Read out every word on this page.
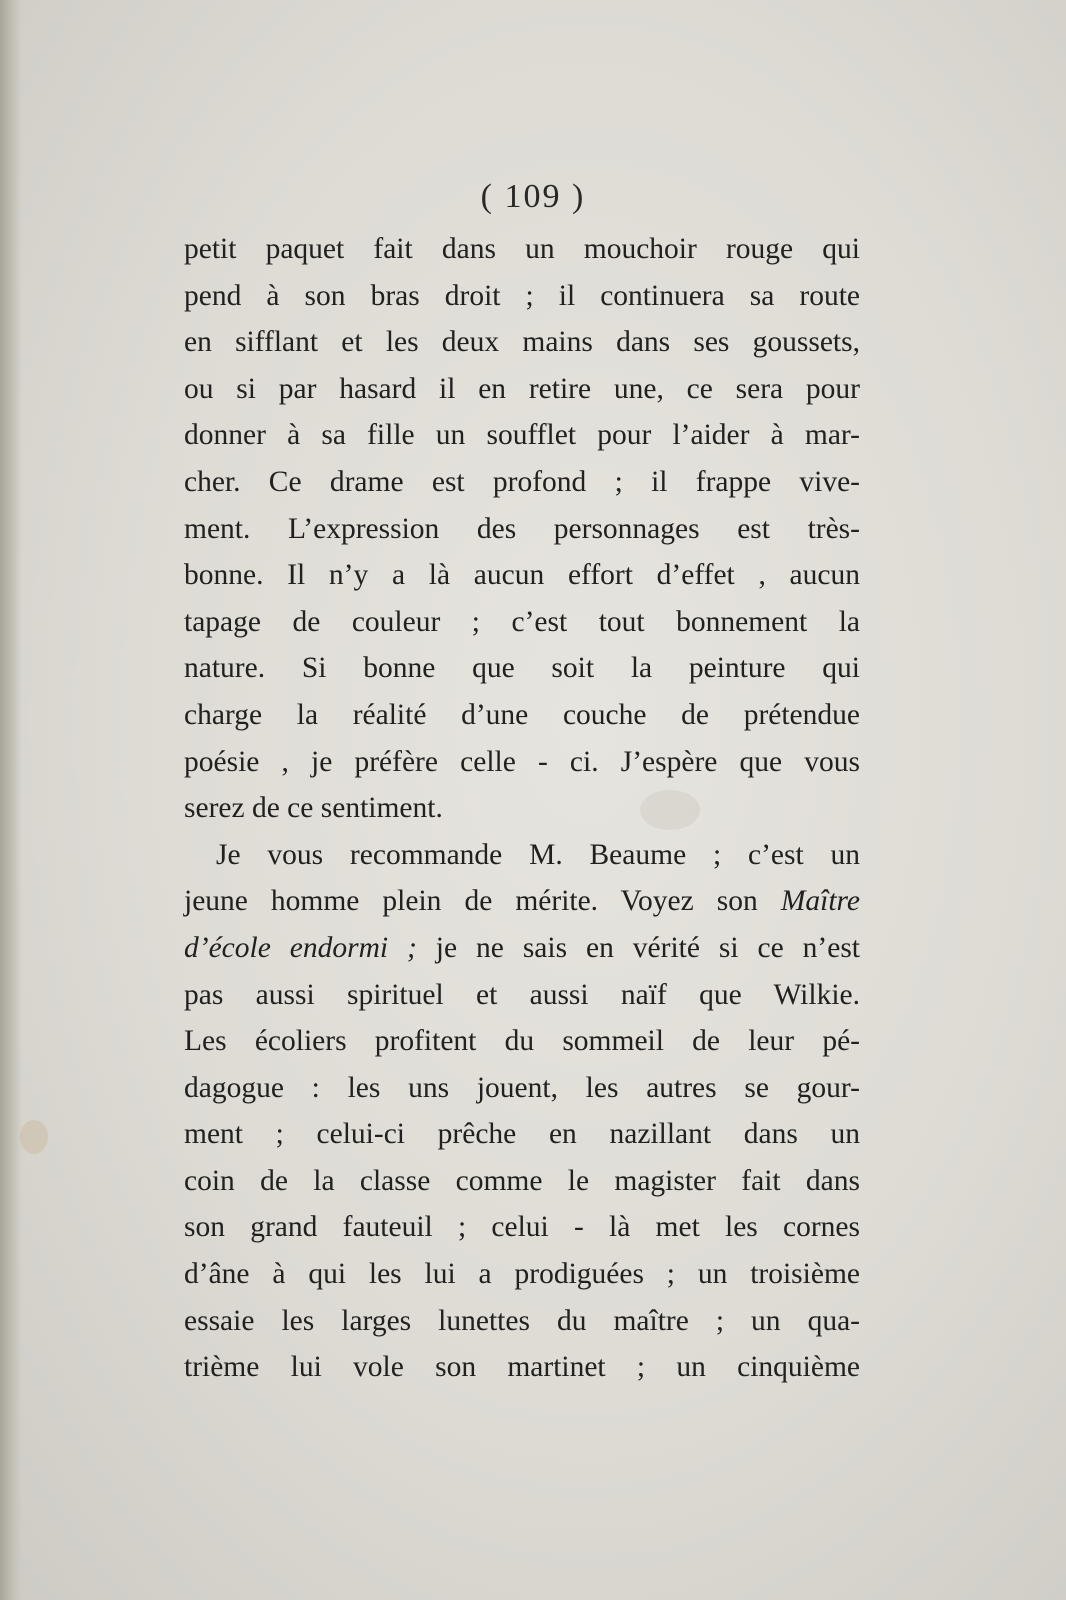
( 109 )
petit paquet fait dans un mouchoir rouge qui
pend à son bras droit ; il continuera sa route
en sifflant et les deux mains dans ses goussets,
ou si par hasard il en retire une, ce sera pour
donner à sa fille un soufflet pour l’aider à mar-
cher. Ce drame est profond ; il frappe vive-
ment. L’expression des personnages est très-
bonne. Il n’y a là aucun effort d’effet , aucun
tapage de couleur ; c’est tout bonnement la
nature. Si bonne que soit la peinture qui
charge la réalité d’une couche de prétendue
poésie , je préfère celle - ci. J’espère que vous
serez de ce sentiment.
Je vous recommande M. Beaume ; c’est un
jeune homme plein de mérite. Voyez son Maître
d’école endormi ; je ne sais en vérité si ce n’est
pas aussi spirituel et aussi naïf que Wilkie.
Les écoliers profitent du sommeil de leur pé-
dagogue : les uns jouent, les autres se gour-
ment ; celui-ci prêche en nazillant dans un
coin de la classe comme le magister fait dans
son grand fauteuil ; celui - là met les cornes
d’âne à qui les lui a prodiguées ; un troisième
essaie les larges lunettes du maître ; un qua-
trième lui vole son martinet ; un cinquième
